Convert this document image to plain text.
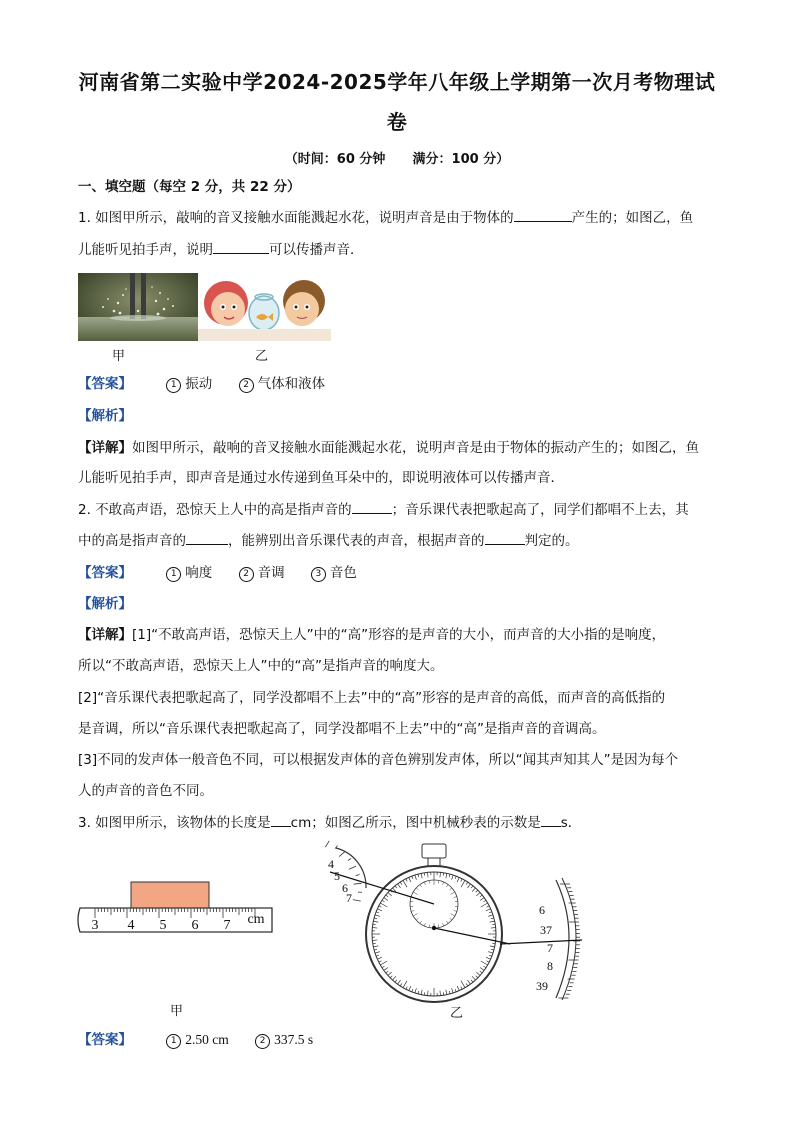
河南省第二实验中学2024-2025学年八年级上学期第一次月考物理试
卷
（时间：60 分钟      满分：100 分）
一、填空题（每空 2 分，共 22 分）
1. 如图甲所示，敲响的音叉接触水面能溅起水花，说明声音是由于物体的	产生的；如图乙，鱼
儿能听见拍手声，说明	可以传播声音．
甲	乙
【答案】	1 振动	2 气体和液体
【解析】
【详解】如图甲所示，敲响的音叉接触水面能溅起水花，说明声音是由于物体的振动产生的；如图乙，鱼
儿能听见拍手声，即声音是通过水传递到鱼耳朵中的，即说明液体可以传播声音．
2. 不敢高声语，恐惊天上人中的高是指声音的	；音乐课代表把歌起高了，同学们都唱不上去，其
中的高是指声音的	，能辨别出音乐课代表的声音，根据声音的	判定的。
【答案】	1 响度	2 音调	3 音色
【解析】
【详解】[1]“不敢高声语，恐惊天上人”中的“高”形容的是声音的大小，而声音的大小指的是响度，
所以“不敢高声语，恐惊天上人”中的“高”是指声音的响度大。
[2]“音乐课代表把歌起高了，同学没都唱不上去”中的“高”形容的是声音的高低，而声音的高低指的
是音调，所以“音乐课代表把歌起高了，同学没都唱不上去”中的“高”是指声音的音调高。
[3]不同的发声体一般音色不同，可以根据发声体的音色辨别发声体，所以“闻其声知其人”是因为每个
人的声音的音色不同。
3. 如图甲所示，该物体的长度是 cm；如图乙所示，图中机械秒表的示数是 s．
3 4 5 6 7 cm
4
5
6
7
6
37
7
8
39
甲	乙
【答案】	1 2.50 cm	2 337.5 s
